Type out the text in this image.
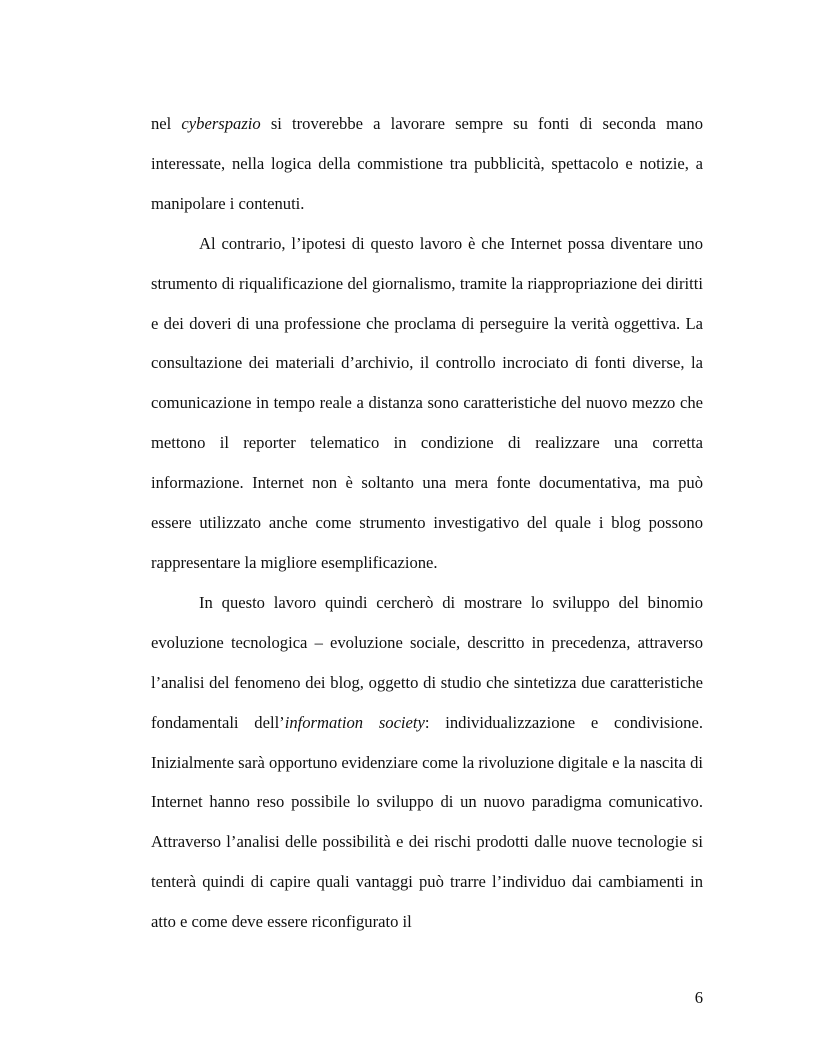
nel cyberspazio si troverebbe a lavorare sempre su fonti di seconda mano interessate, nella logica della commistione tra pubblicità, spettacolo e notizie, a manipolare i contenuti.

Al contrario, l’ipotesi di questo lavoro è che Internet possa diventare uno strumento di riqualificazione del giornalismo, tramite la riappropriazione dei diritti e dei doveri di una professione che proclama di perseguire la verità oggettiva. La consultazione dei materiali d’archivio, il controllo incrociato di fonti diverse, la comunicazione in tempo reale a distanza sono caratteristiche del nuovo mezzo che mettono il reporter telematico in condizione di realizzare una corretta informazione. Internet non è soltanto una mera fonte documentativa, ma può essere utilizzato anche come strumento investigativo del quale i blog possono rappresentare la migliore esemplificazione.

In questo lavoro quindi cercherò di mostrare lo sviluppo del binomio evoluzione tecnologica – evoluzione sociale, descritto in precedenza, attraverso l’analisi del fenomeno dei blog, oggetto di studio che sintetizza due caratteristiche fondamentali dell’information society: individualizzazione e condivisione. Inizialmente sarà opportuno evidenziare come la rivoluzione digitale e la nascita di Internet hanno reso possibile lo sviluppo di un nuovo paradigma comunicativo. Attraverso l’analisi delle possibilità e dei rischi prodotti dalle nuove tecnologie si tenterà quindi di capire quali vantaggi può trarre l’individuo dai cambiamenti in atto e come deve essere riconfigurato il

6
